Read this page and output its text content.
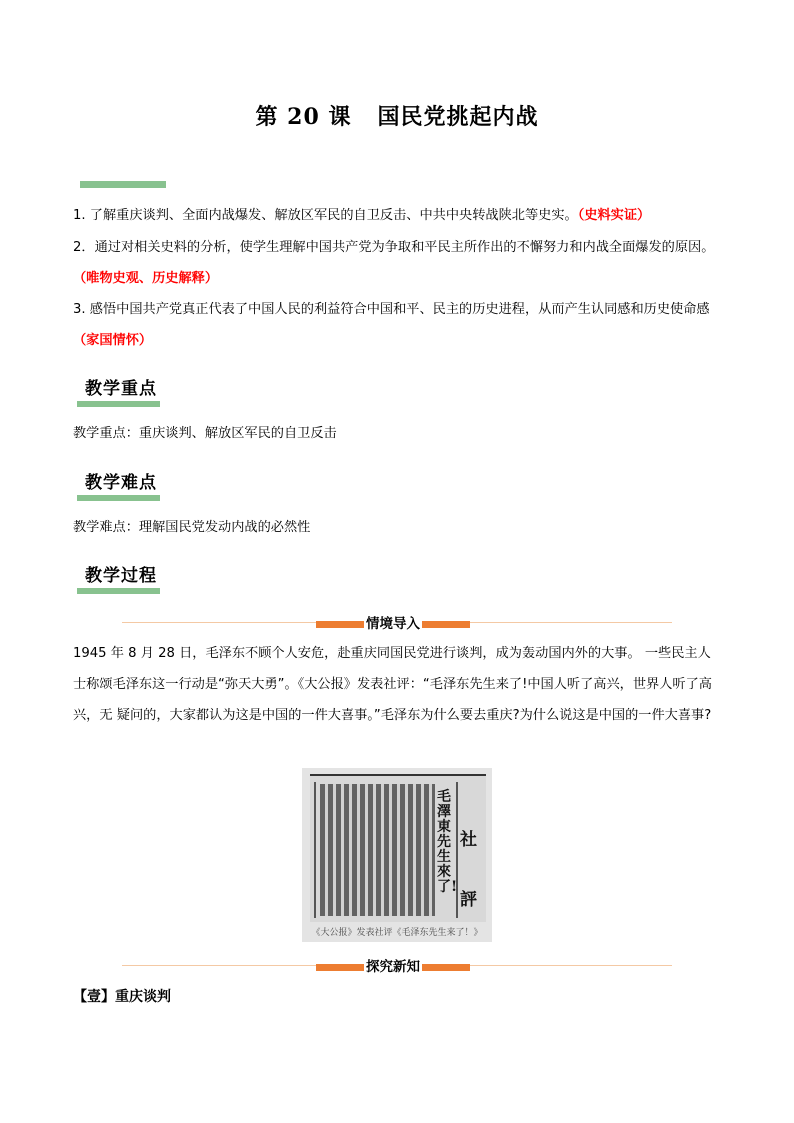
第 20 课 国民党挑起内战
1. 了解重庆谈判、全面内战爆发、解放区军民的自卫反击、中共中央转战陕北等史实。（史料实证）
2．通过对相关史料的分析，使学生理解中国共产党为争取和平民主所作出的不懈努力和内战全面爆发的原因。（唯物史观、历史解释）
3. 感悟中国共产党真正代表了中国人民的利益符合中国和平、民主的历史进程，从而产生认同感和历史使命感（家国情怀）
教学重点
教学重点：重庆谈判、解放区军民的自卫反击
教学难点
教学难点：理解国民党发动内战的必然性
教学过程
情境导入
1945 年 8 月 28 日，毛泽东不顾个人安危，赴重庆同国民党进行谈判，成为轰动国内外的大事。 一些民主人士称颂毛泽东这一行动是“弥天大勇”。《大公报》发表社评：“毛泽东先生来了!中国人听了高兴，世界人听了高兴，无 疑问的，大家都认为这是中国的一件大喜事。”毛泽东为什么要去重庆?为什么说这是中国的一件大喜事?
毛澤東先生來了!
社評
《大公报》发表社评《毛泽东先生来了！》
探究新知
【壹】重庆谈判
